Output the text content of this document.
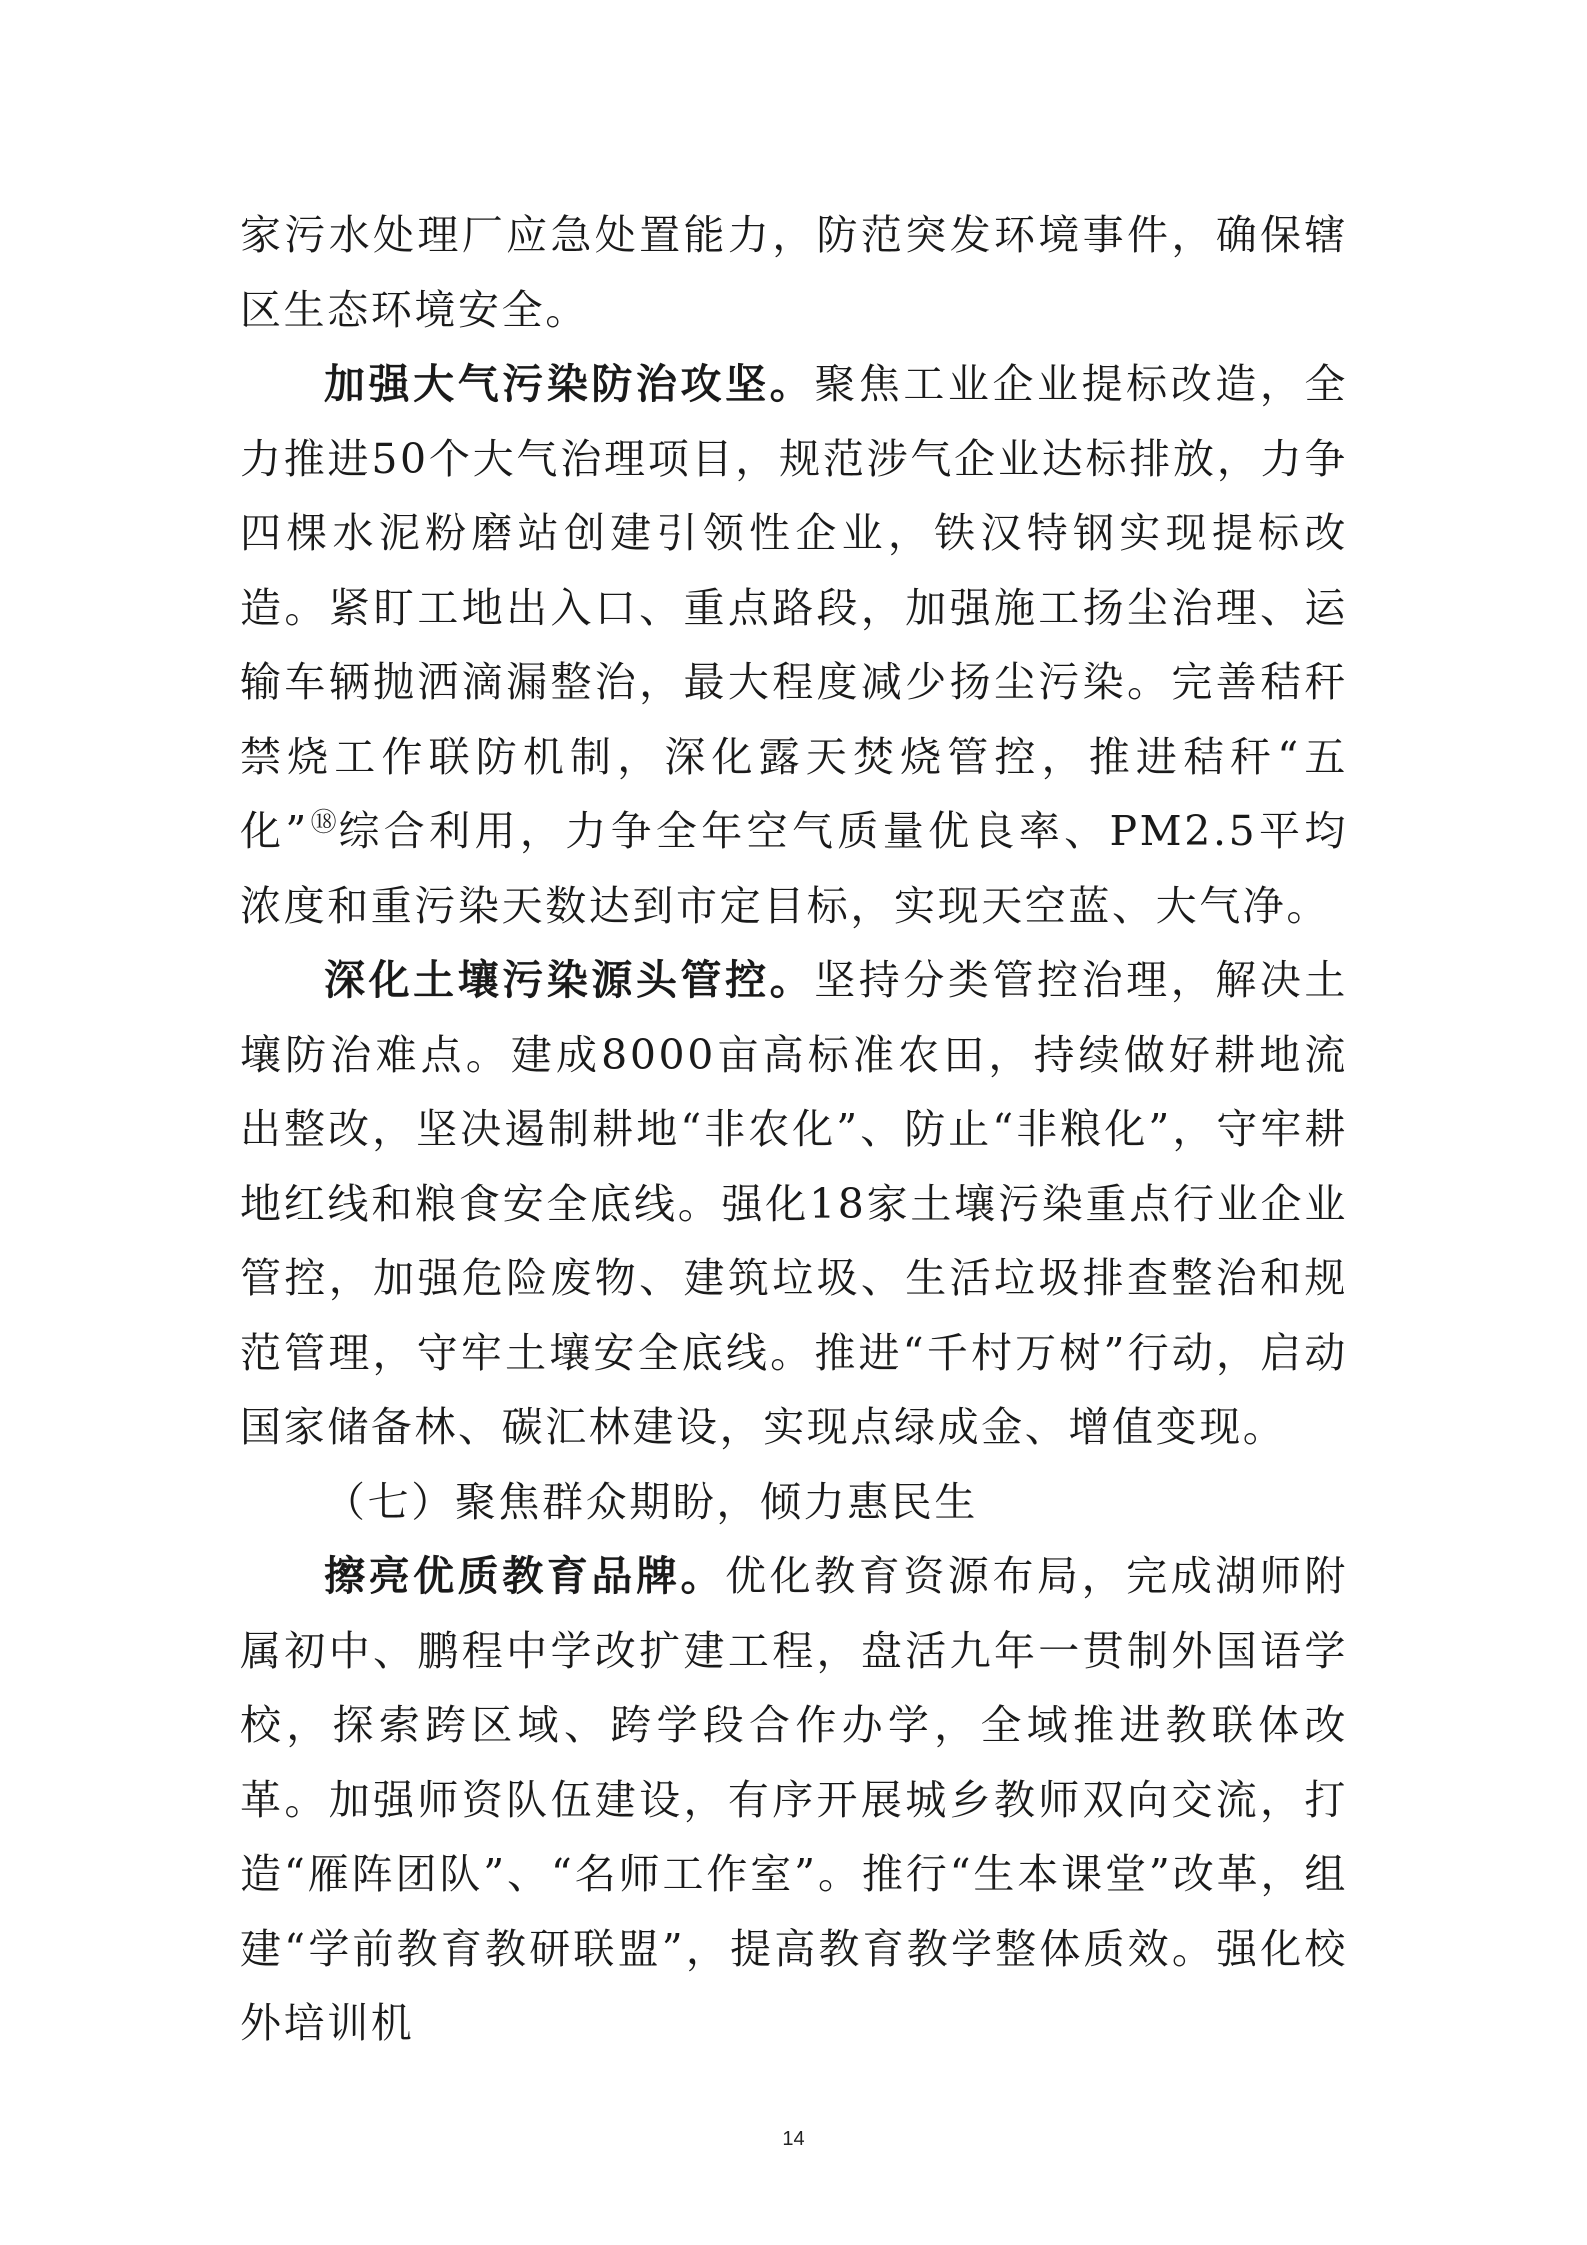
家污水处理厂应急处置能力，防范突发环境事件，确保辖区生态环境安全。

加强大气污染防治攻坚。聚焦工业企业提标改造，全力推进50个大气治理项目，规范涉气企业达标排放，力争四棵水泥粉磨站创建引领性企业，铁汉特钢实现提标改造。紧盯工地出入口、重点路段，加强施工扬尘治理、运输车辆抛洒滴漏整治，最大程度减少扬尘污染。完善秸秆禁烧工作联防机制，深化露天焚烧管控，推进秸秆“五化”⑱综合利用，力争全年空气质量优良率、PM2.5平均浓度和重污染天数达到市定目标，实现天空蓝、大气净。

深化土壤污染源头管控。坚持分类管控治理，解决土壤防治难点。建成8000亩高标准农田，持续做好耕地流出整改，坚决遏制耕地“非农化”、防止“非粮化”，守牢耕地红线和粮食安全底线。强化18家土壤污染重点行业企业管控，加强危险废物、建筑垃圾、生活垃圾排查整治和规范管理，守牢土壤安全底线。推进“千村万树”行动，启动国家储备林、碳汇林建设，实现点绿成金、增值变现。

（七）聚焦群众期盼，倾力惠民生

擦亮优质教育品牌。优化教育资源布局，完成湖师附属初中、鹏程中学改扩建工程，盘活九年一贯制外国语学校，探索跨区域、跨学段合作办学，全域推进教联体改革。加强师资队伍建设，有序开展城乡教师双向交流，打造“雁阵团队”、“名师工作室”。推行“生本课堂”改革，组建“学前教育教研联盟”，提高教育教学整体质效。强化校外培训机

14
